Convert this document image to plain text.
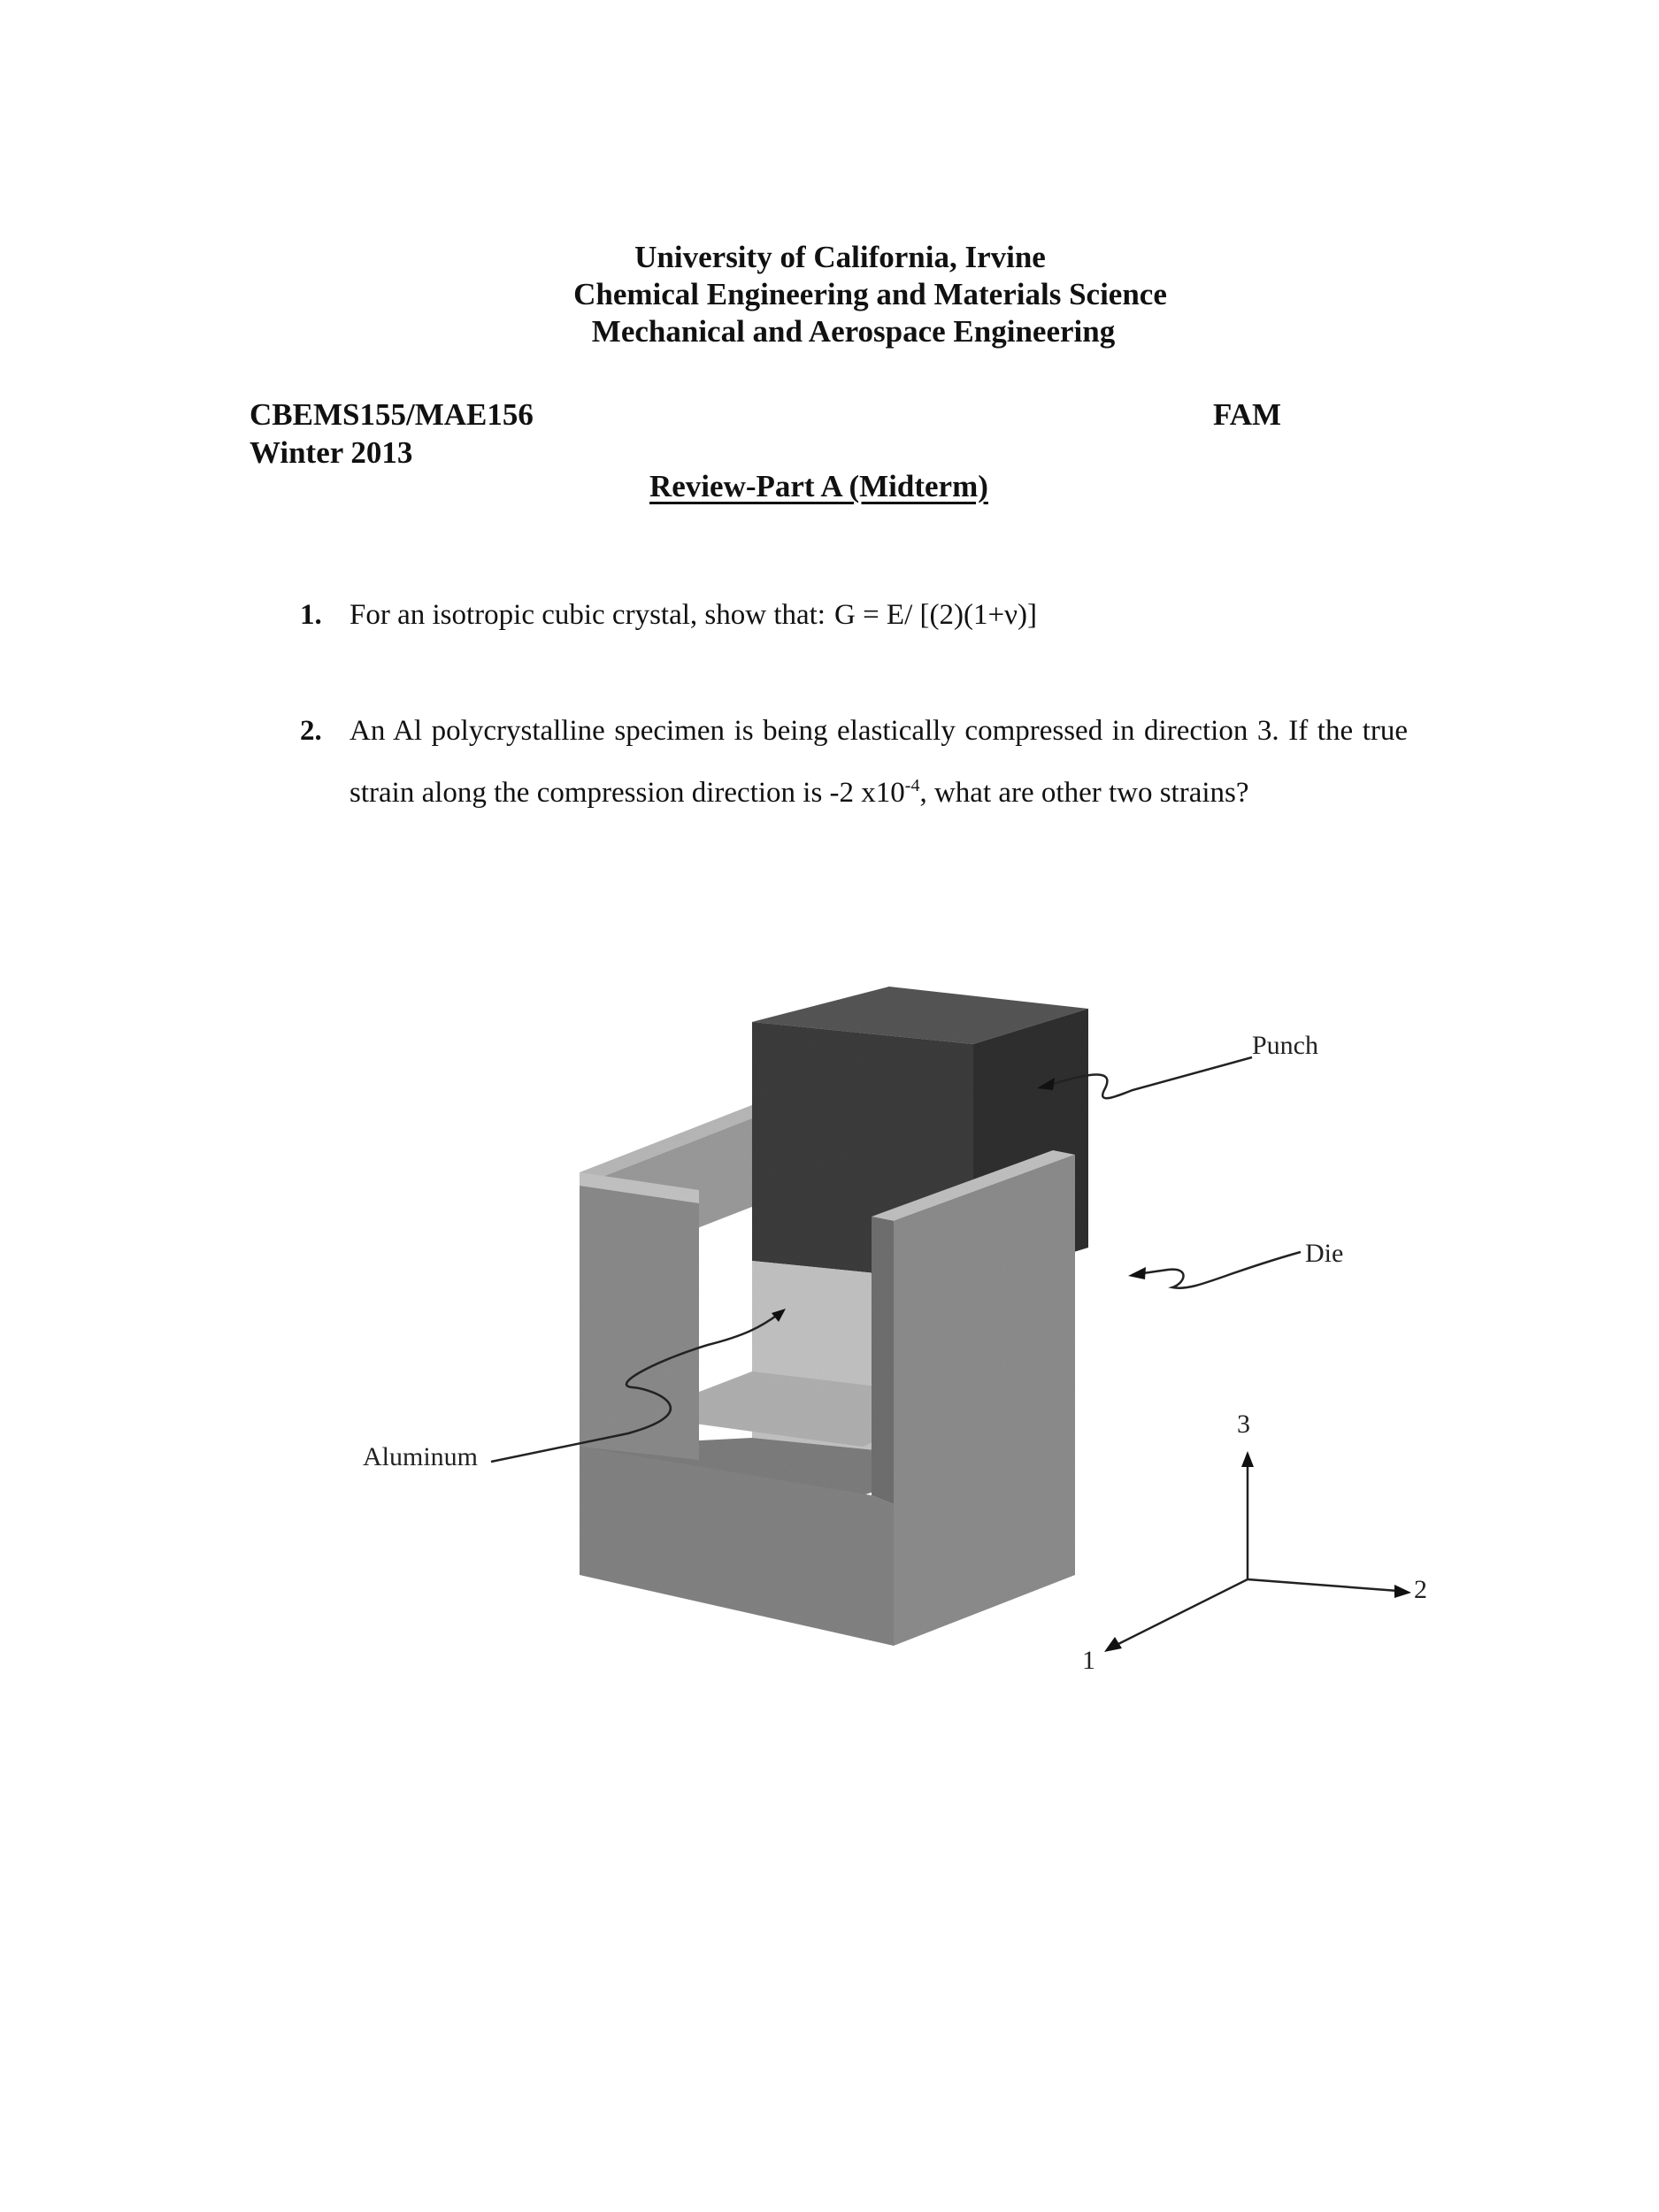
University of California, Irvine
Chemical Engineering and Materials Science
Mechanical and Aerospace Engineering
CBEMS155/MAE156
Winter 2013
FAM
Review-Part A (Midterm)
1. For an isotropic cubic crystal, show that: G = E/ [(2)(1+ν)]
2. An Al polycrystalline specimen is being elastically compressed in direction 3. If the true strain along the compression direction is -2 $x10^{-4}$, what are other two strains?
Punch
Die
Aluminum
3
2
1
